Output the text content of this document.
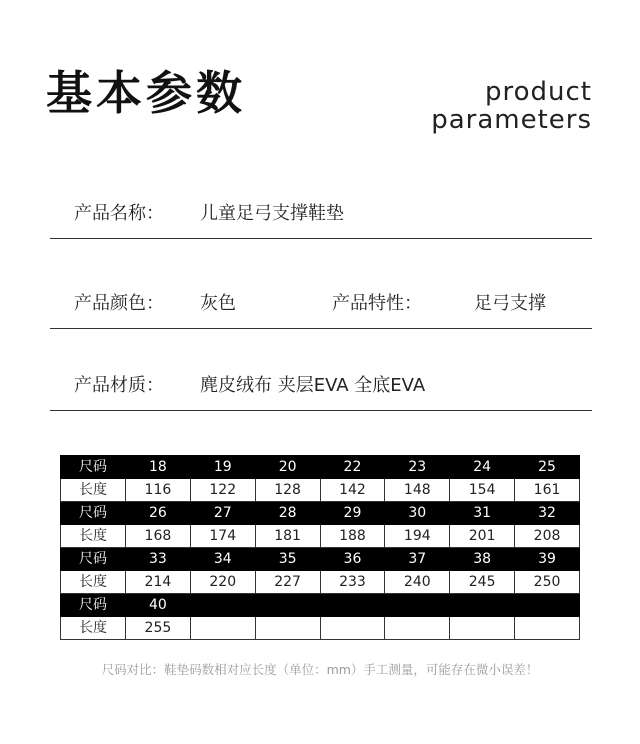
基本参数	product
parameters
产品名称： 儿童足弓支撑鞋垫
产品颜色： 灰色	产品特性：	足弓支撑
产品材质： 麂皮绒布 夹层EVA 全底EVA
尺码	18	19	20	22	23	24	25
长度	116	122	128	142	148	154	161
尺码	26	27	28	29	30	31	32
长度	168	174	181	188	194	201	208
尺码	33	34	35	36	37	38	39
长度	214	220	227	233	240	245	250
尺码	40						
长度	255						
尺码对比：鞋垫码数相对应长度（单位：mm）手工测量，可能存在微小误差！
